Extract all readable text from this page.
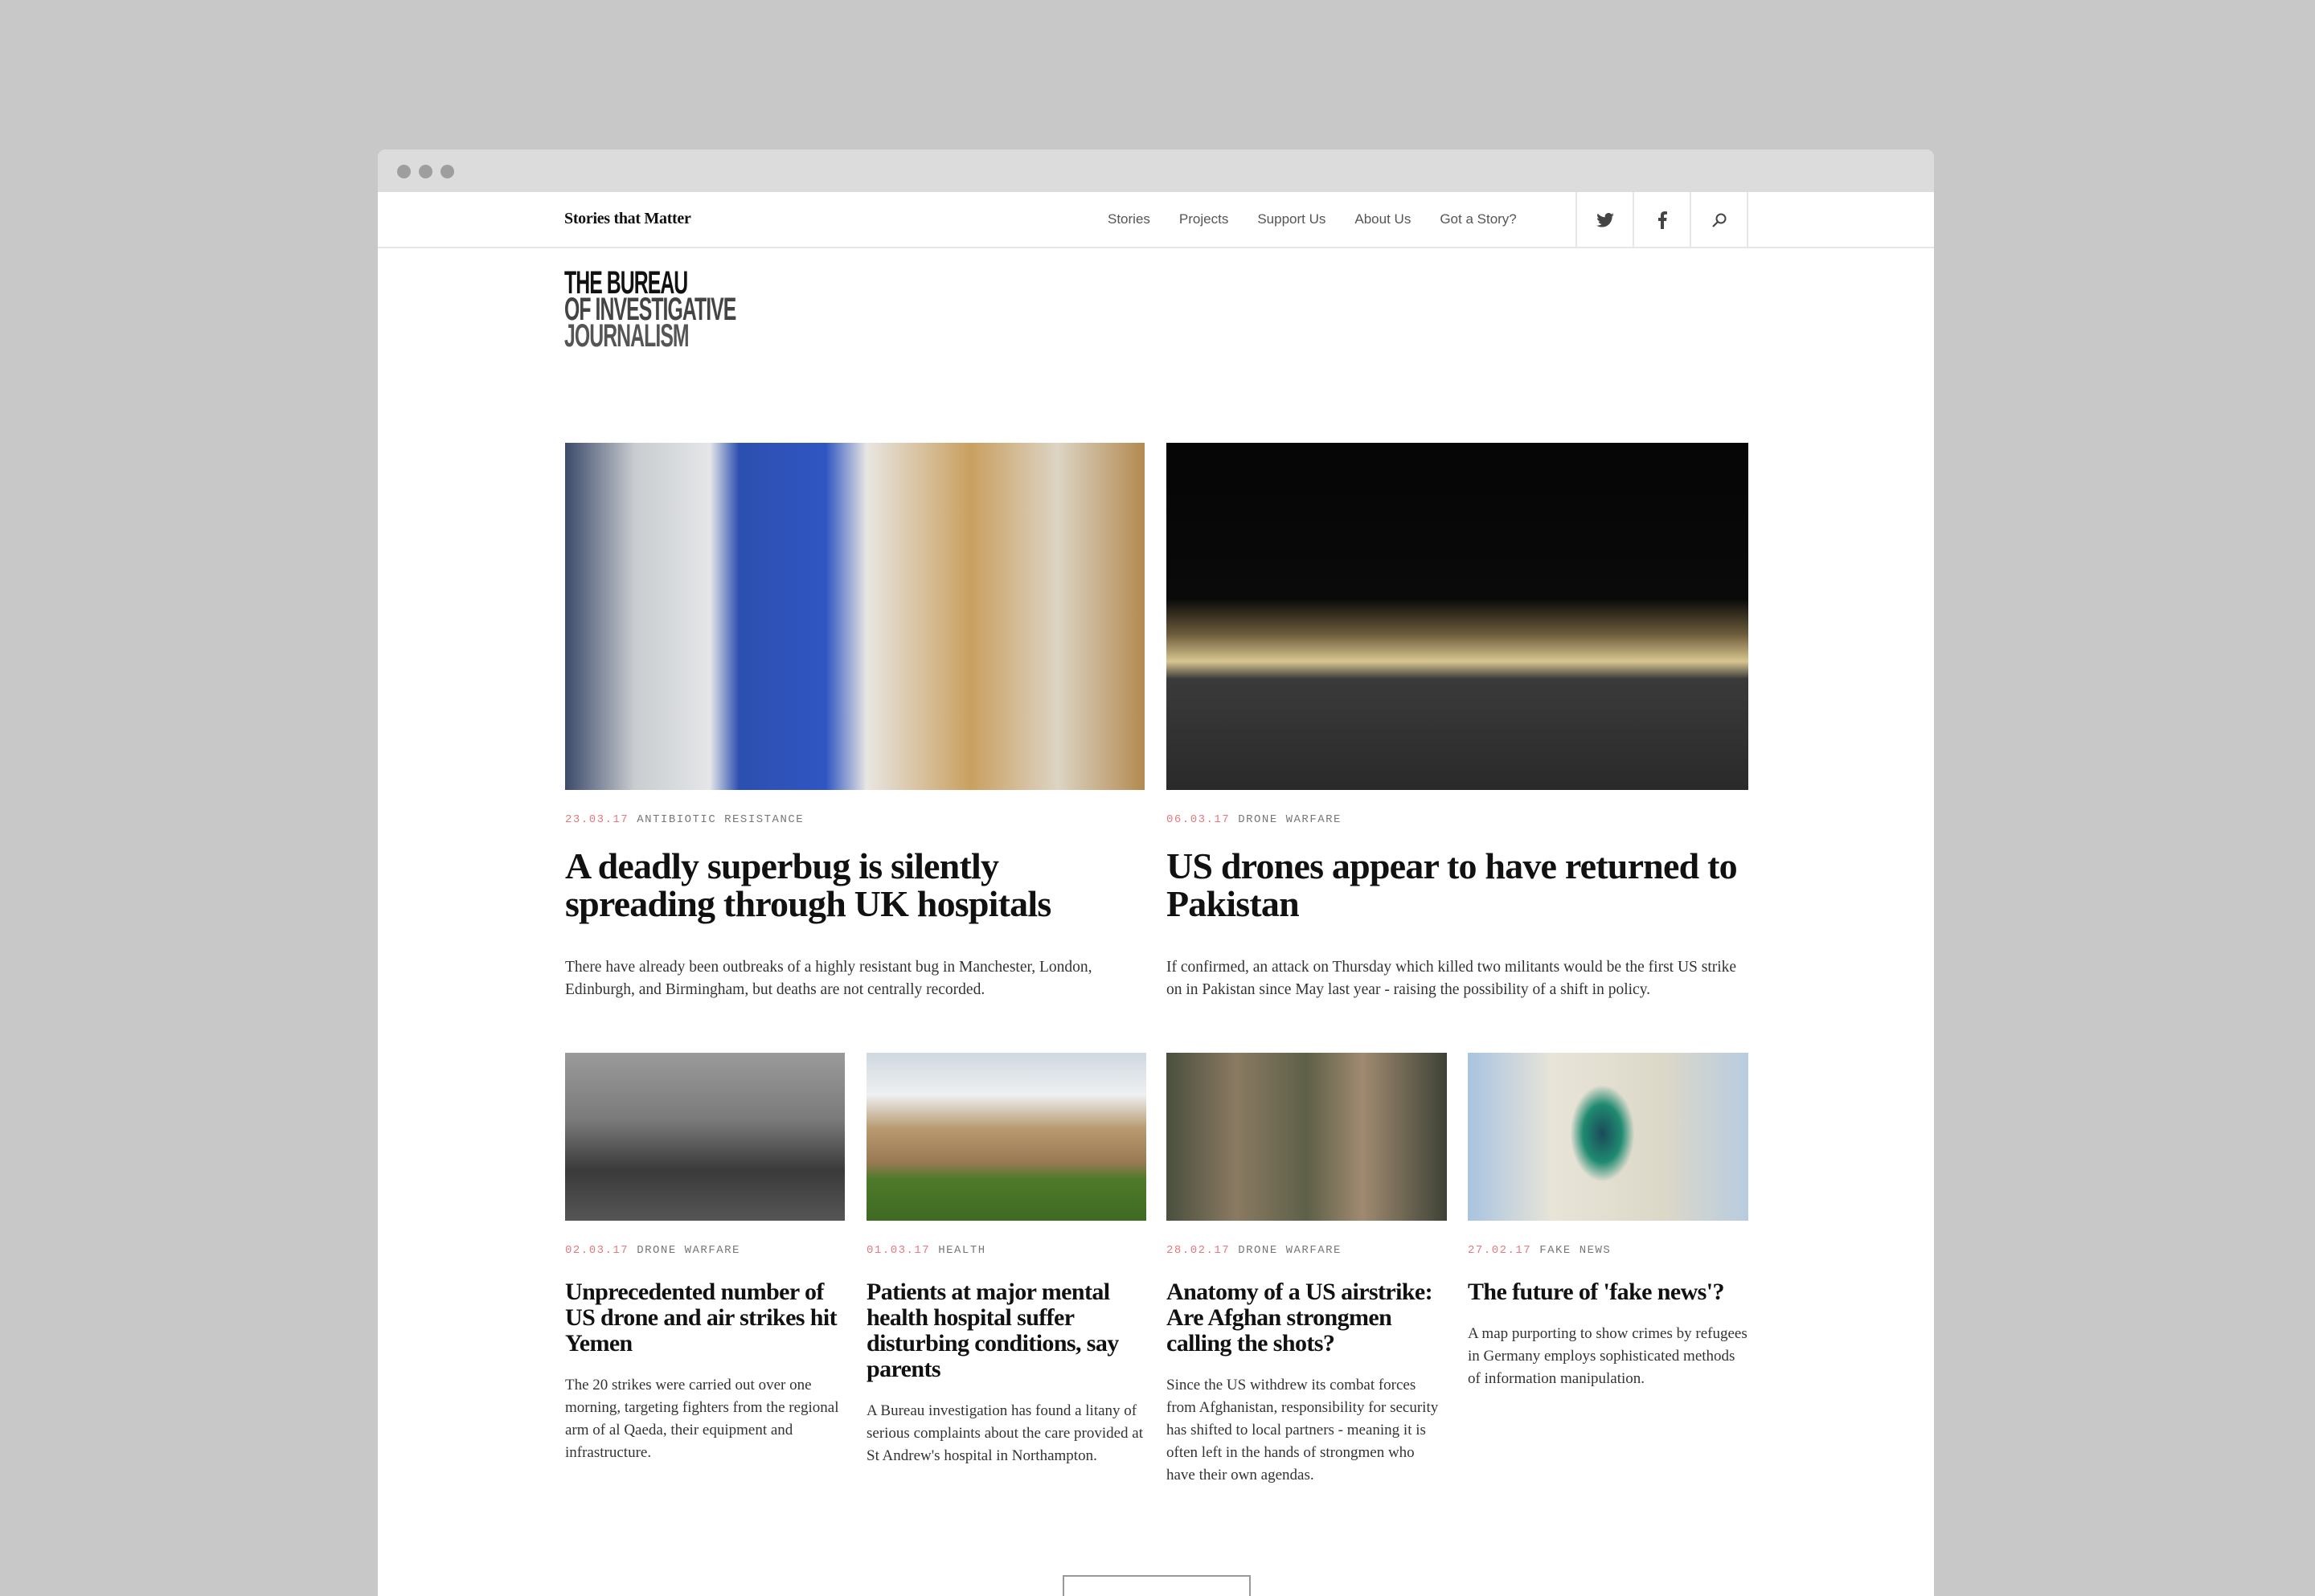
Stories that Matter	Stories Projects Support Us About Us Got a Story?
THE BUREAU
OF INVESTIGATIVE
JOURNALISM
23.03.17 ANTIBIOTIC RESISTANCE
A deadly superbug is silently spreading through UK hospitals

There have already been outbreaks of a highly resistant bug in Manchester, London, Edinburgh, and Birmingham, but deaths are not centrally recorded.

06.03.17 DRONE WARFARE
US drones appear to have returned to Pakistan

If confirmed, an attack on Thursday which killed two militants would be the first US strike on in Pakistan since May last year - raising the possibility of a shift in policy.

02.03.17 DRONE WARFARE
Unprecedented number of US drone and air strikes hit Yemen

The 20 strikes were carried out over one morning, targeting fighters from the regional arm of al Qaeda, their equipment and infrastructure.

01.03.17 HEALTH
Patients at major mental health hospital suffer disturbing conditions, say parents

A Bureau investigation has found a litany of serious complaints about the care provided at St Andrew's hospital in Northampton.

28.02.17 DRONE WARFARE
Anatomy of a US airstrike: Are Afghan strongmen calling the shots?

Since the US withdrew its combat forces from Afghanistan, responsibility for security has shifted to local partners - meaning it is often left in the hands of strongmen who have their own agendas.

27.02.17 FAKE NEWS
The future of 'fake news'?

A map purporting to show crimes by refugees in Germany employs sophisticated methods of information manipulation.
